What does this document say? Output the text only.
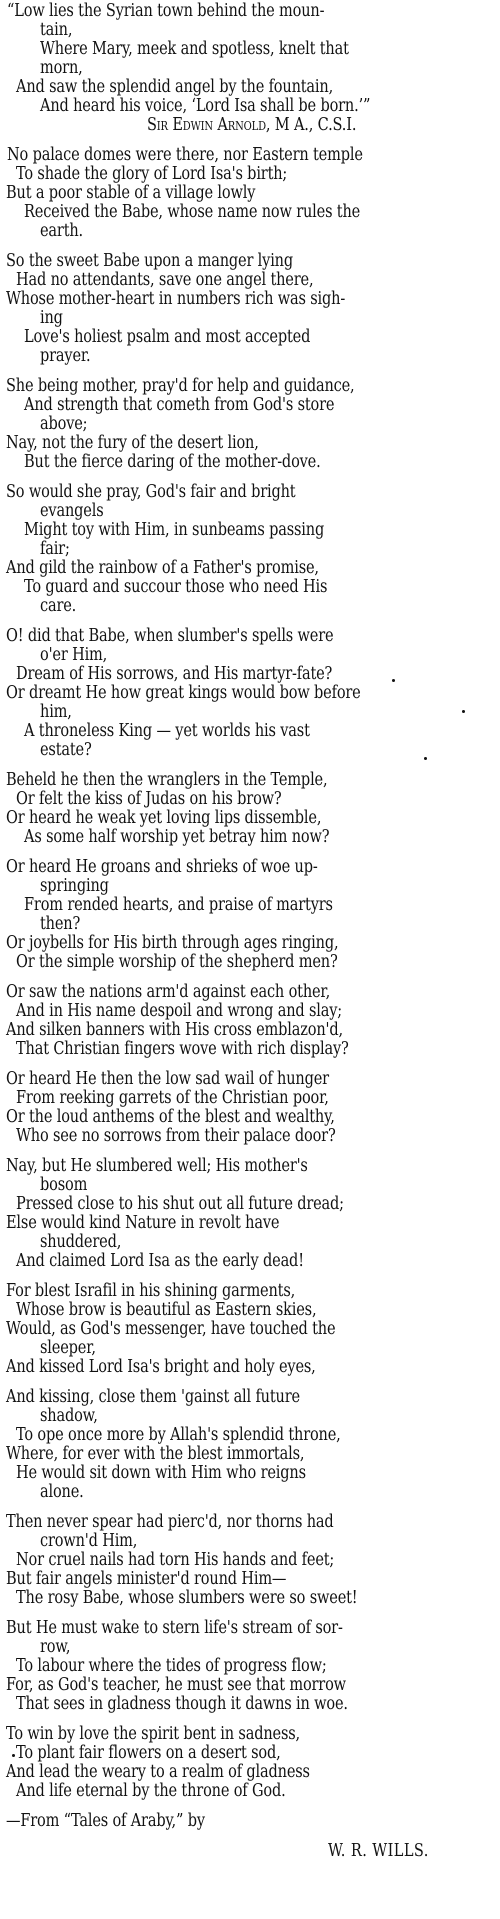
“Low lies the Syrian town behind the moun-
tain,
Where Mary, meek and spotless, knelt that
morn,
And saw the splendid angel by the fountain,
And heard his voice, ‘Lord Isa shall be born.’”
Sir Edwin Arnold, M A., C.S.I.
No palace domes were there, nor Eastern temple
To shade the glory of Lord Isa's birth;
But a poor stable of a village lowly
Received the Babe, whose name now rules the
earth.
So the sweet Babe upon a manger lying
Had no attendants, save one angel there,
Whose mother-heart in numbers rich was sigh-
ing
Love's holiest psalm and most accepted
prayer.
She being mother, pray'd for help and guidance,
And strength that cometh from God's store
above;
Nay, not the fury of the desert lion,
But the fierce daring of the mother-dove.
So would she pray, God's fair and bright
evangels
Might toy with Him, in sunbeams passing
fair;
And gild the rainbow of a Father's promise,
To guard and succour those who need His
care.
O! did that Babe, when slumber's spells were
o'er Him,
Dream of His sorrows, and His martyr-fate?
Or dreamt He how great kings would bow before
him,
A throneless King — yet worlds his vast
estate?
Beheld he then the wranglers in the Temple,
Or felt the kiss of Judas on his brow?
Or heard he weak yet loving lips dissemble,
As some half worship yet betray him now?
Or heard He groans and shrieks of woe up-
springing
From rended hearts, and praise of martyrs
then?
Or joybells for His birth through ages ringing,
Or the simple worship of the shepherd men?
Or saw the nations arm'd against each other,
And in His name despoil and wrong and slay;
And silken banners with His cross emblazon'd,
That Christian fingers wove with rich display?
Or heard He then the low sad wail of hunger
From reeking garrets of the Christian poor,
Or the loud anthems of the blest and wealthy,
Who see no sorrows from their palace door?
Nay, but He slumbered well; His mother's
bosom
Pressed close to his shut out all future dread;
Else would kind Nature in revolt have
shuddered,
And claimed Lord Isa as the early dead!
For blest Israfil in his shining garments,
Whose brow is beautiful as Eastern skies,
Would, as God's messenger, have touched the
sleeper,
And kissed Lord Isa's bright and holy eyes,
And kissing, close them 'gainst all future
shadow,
To ope once more by Allah's splendid throne,
Where, for ever with the blest immortals,
He would sit down with Him who reigns
alone.
Then never spear had pierc'd, nor thorns had
crown'd Him,
Nor cruel nails had torn His hands and feet;
But fair angels minister'd round Him—
The rosy Babe, whose slumbers were so sweet!
But He must wake to stern life's stream of sor-
row,
To labour where the tides of progress flow;
For, as God's teacher, he must see that morrow
That sees in gladness though it dawns in woe.
To win by love the spirit bent in sadness,
To plant fair flowers on a desert sod,
And lead the weary to a realm of gladness
And life eternal by the throne of God.
—From “Tales of Araby,” by
W. R. WILLS.
